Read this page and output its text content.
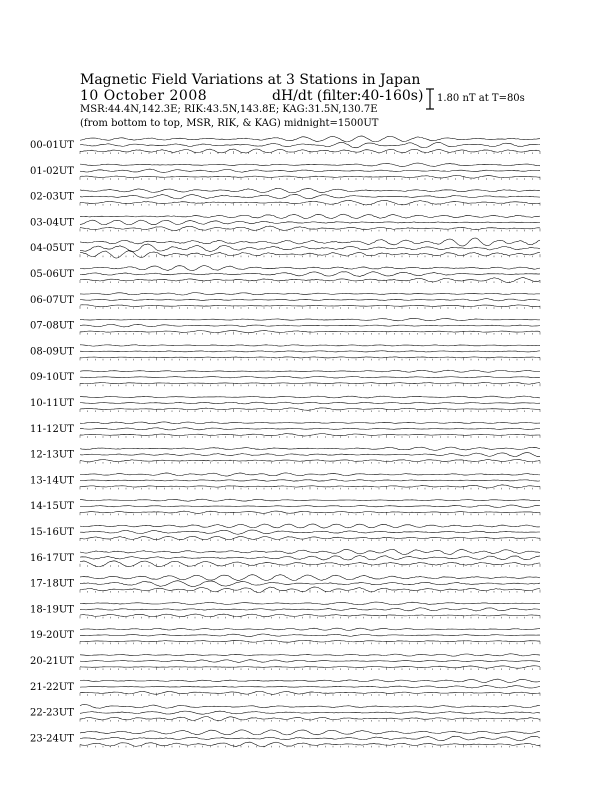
Magnetic Field Variations at 3 Stations in Japan
10 October 2008	dH/dt (filter:40-160s)
MSR:44.4N,142.3E; RIK:43.5N,143.8E; KAG:31.5N,130.7E
(from bottom to top, MSR, RIK, & KAG) midnight=1500UT
1.80 nT at T=80s
00-01UT
01-02UT
02-03UT
03-04UT
04-05UT
05-06UT
06-07UT
07-08UT
08-09UT
09-10UT
10-11UT
11-12UT
12-13UT
13-14UT
14-15UT
15-16UT
16-17UT
17-18UT
18-19UT
19-20UT
20-21UT
21-22UT
22-23UT
23-24UT
